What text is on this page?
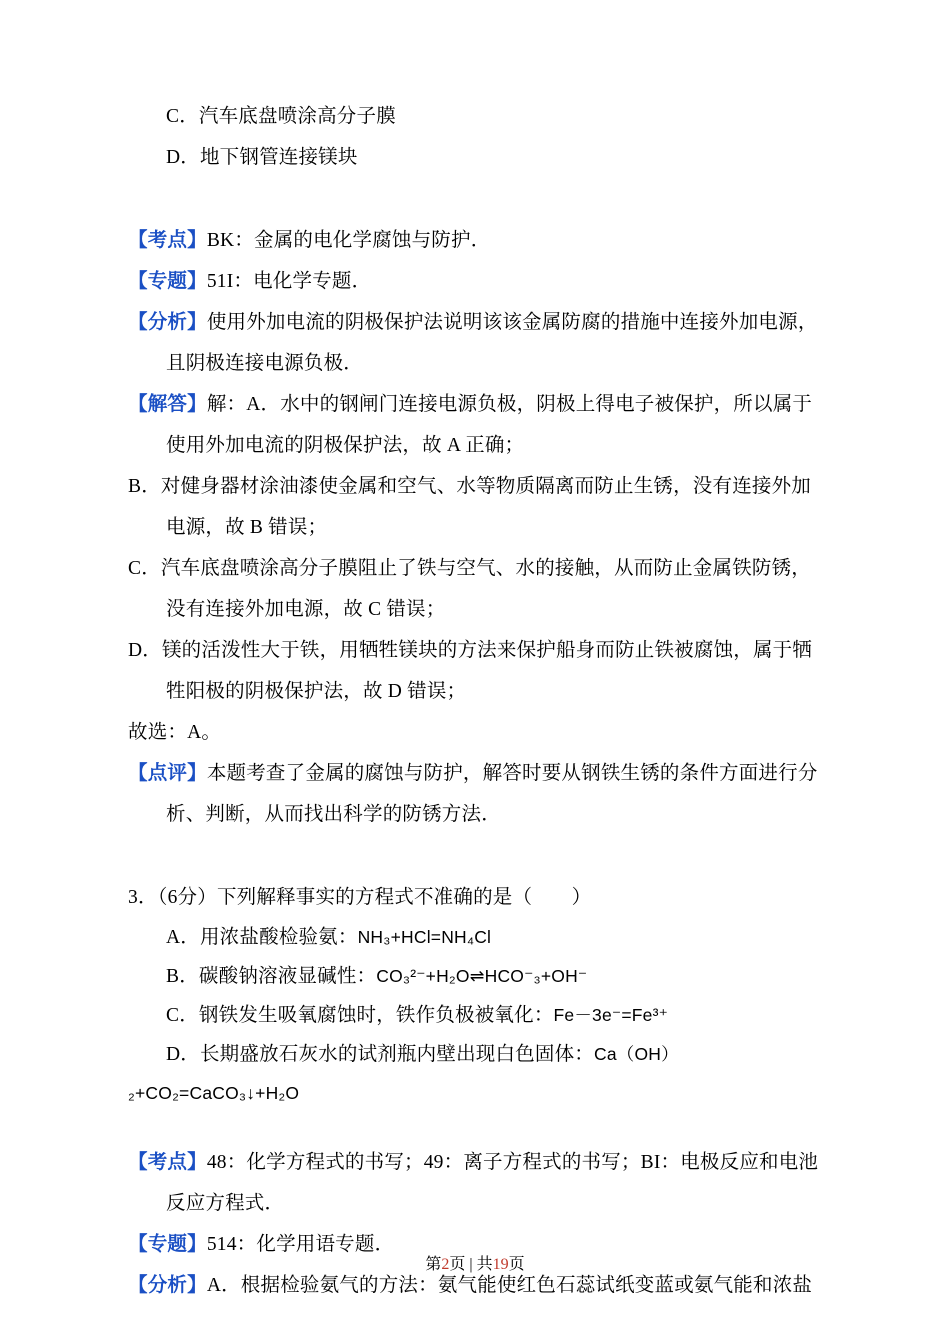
C．汽车底盘喷涂高分子膜
D．地下钢管连接镁块
【考点】BK：金属的电化学腐蚀与防护．
【专题】51I：电化学专题．
【分析】使用外加电流的阴极保护法说明该该金属防腐的措施中连接外加电源，且阴极连接电源负极．
【解答】解：A．水中的钢闸门连接电源负极，阴极上得电子被保护，所以属于使用外加电流的阴极保护法，故 A 正确；
B．对健身器材涂油漆使金属和空气、水等物质隔离而防止生锈，没有连接外加电源，故 B 错误；
C．汽车底盘喷涂高分子膜阻止了铁与空气、水的接触，从而防止金属铁防锈，没有连接外加电源，故 C 错误；
D．镁的活泼性大于铁，用牺牲镁块的方法来保护船身而防止铁被腐蚀，属于牺牲阳极的阴极保护法，故 D 错误；
故选：A。
【点评】本题考查了金属的腐蚀与防护，解答时要从钢铁生锈的条件方面进行分析、判断，从而找出科学的防锈方法．
3．（6分）下列解释事实的方程式不准确的是（　　）
A．用浓盐酸检验氨：NH₃+HCl=NH₄Cl
B．碳酸钠溶液显碱性：CO₃²⁻+H₂O⇌HCO⁻₃+OH⁻
C．钢铁发生吸氧腐蚀时，铁作负极被氧化：Fe－3e⁻=Fe³⁺
D．长期盛放石灰水的试剂瓶内壁出现白色固体：Ca（OH）
₂+CO₂=CaCO₃↓+H₂O
【考点】48：化学方程式的书写；49：离子方程式的书写；BI：电极反应和电池反应方程式．
【专题】514：化学用语专题．
【分析】A．根据检验氨气的方法：氨气能使红色石蕊试纸变蓝或氨气能和浓盐
第2页 | 共19页
